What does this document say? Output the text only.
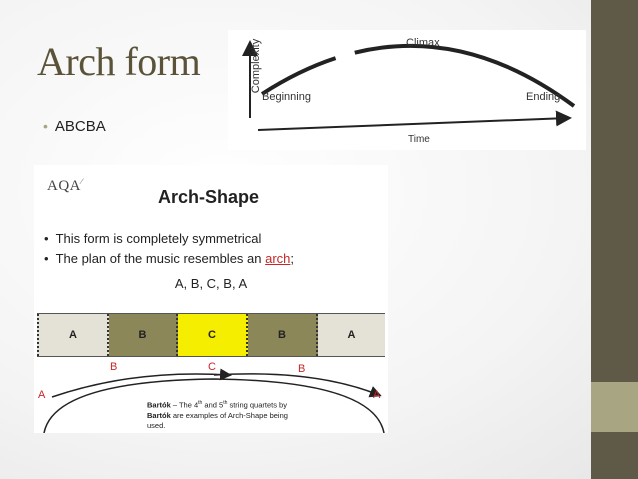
Arch form
• ABCBA
Complexity
Beginning
Climax
Ending
Time
AQA⁄
Arch-Shape
• This form is completely symmetrical
• The plan of the music resembles an arch;
A, B, C, B, A
A	B	C	B	A
A
B	C	B
A
Bartók – The 4th and 5th string quartets by Bartók are examples of Arch-Shape being used.
